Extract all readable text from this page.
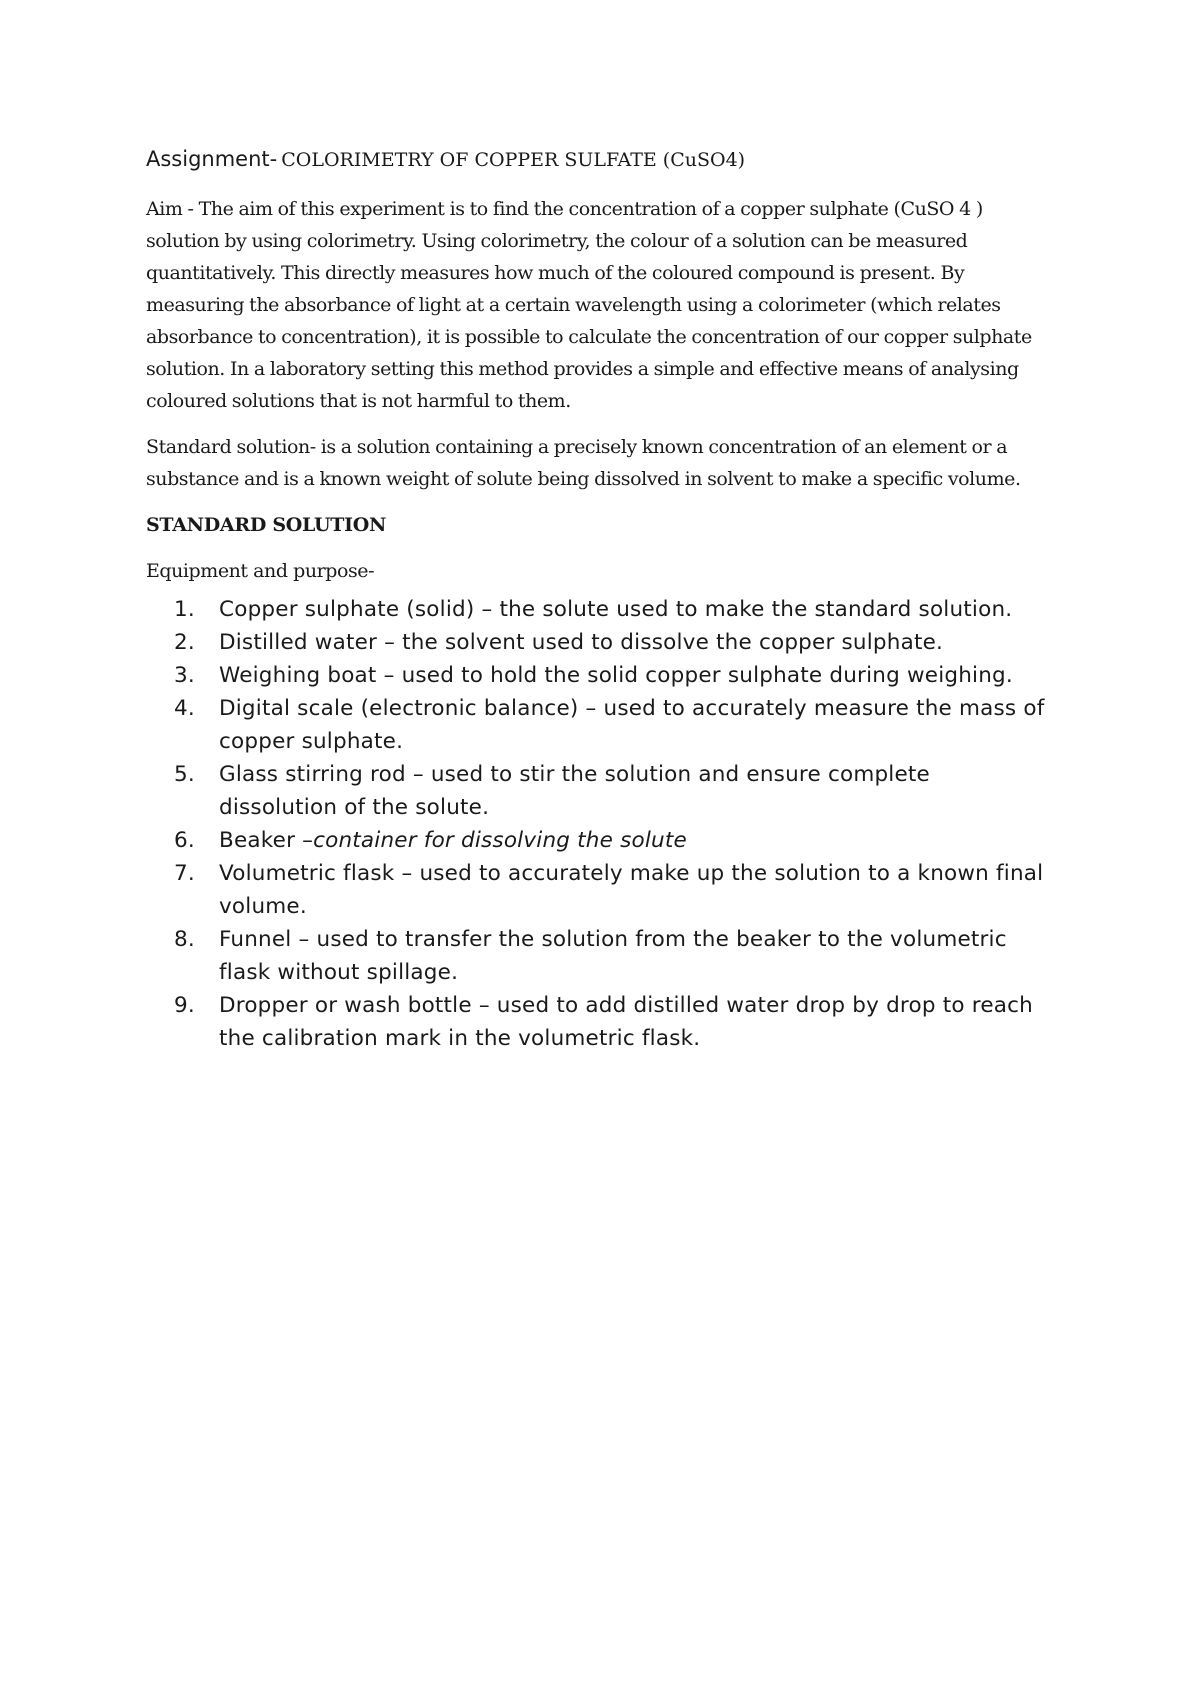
Assignment- COLORIMETRY OF COPPER SULFATE (CuSO4)

Aim - The aim of this experiment is to find the concentration of a copper sulphate (CuSO 4 ) solution by using colorimetry. Using colorimetry, the colour of a solution can be measured quantitatively. This directly measures how much of the coloured compound is present. By measuring the absorbance of light at a certain wavelength using a colorimeter (which relates absorbance to concentration), it is possible to calculate the concentration of our copper sulphate solution. In a laboratory setting this method provides a simple and effective means of analysing coloured solutions that is not harmful to them.

Standard solution- is a solution containing a precisely known concentration of an element or a substance and is a known weight of solute being dissolved in solvent to make a specific volume.

STANDARD SOLUTION

Equipment and purpose-

1. Copper sulphate (solid) – the solute used to make the standard solution.
2. Distilled water – the solvent used to dissolve the copper sulphate.
3. Weighing boat – used to hold the solid copper sulphate during weighing.
4. Digital scale (electronic balance) – used to accurately measure the mass of copper sulphate.
5. Glass stirring rod – used to stir the solution and ensure complete dissolution of the solute.
6. Beaker –container for dissolving the solute
7. Volumetric flask – used to accurately make up the solution to a known final volume.
8. Funnel – used to transfer the solution from the beaker to the volumetric flask without spillage.
9. Dropper or wash bottle – used to add distilled water drop by drop to reach the calibration mark in the volumetric flask.
